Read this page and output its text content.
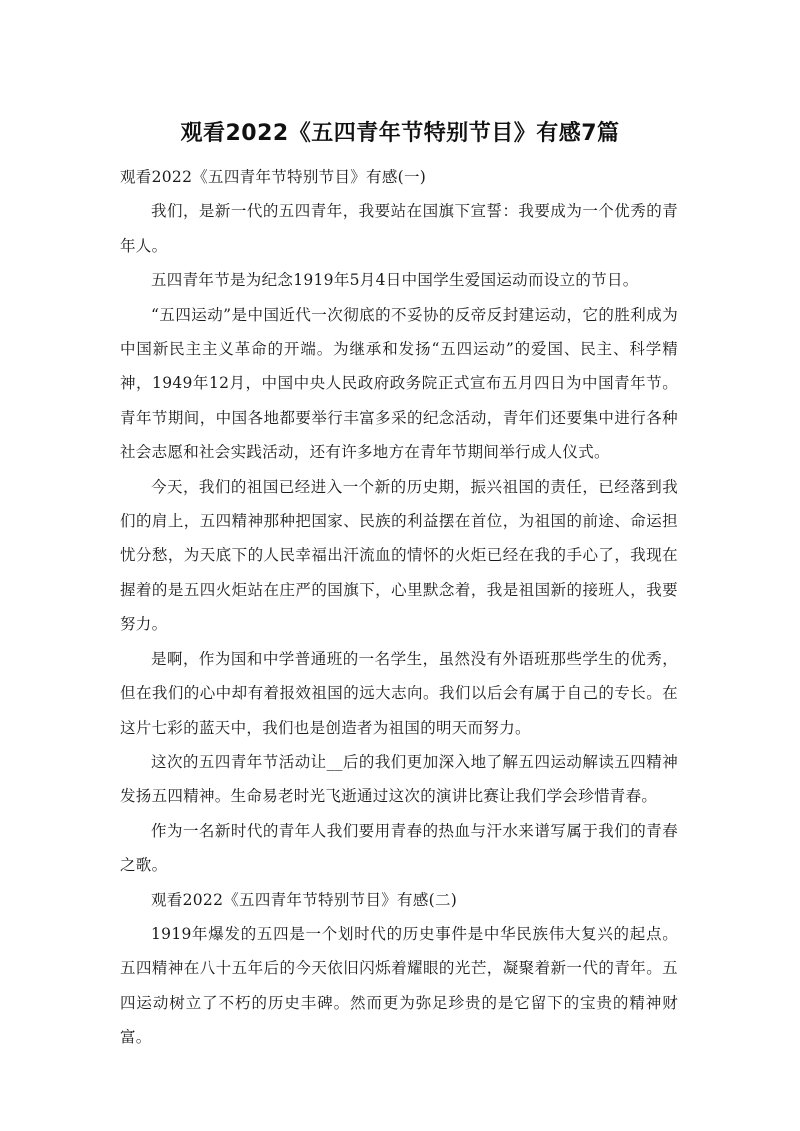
观看2022《五四青年节特别节目》有感7篇

观看2022《五四青年节特别节目》有感(一)

我们，是新一代的五四青年，我要站在国旗下宣誓：我要成为一个优秀的青年人。

五四青年节是为纪念1919年5月4日中国学生爱国运动而设立的节日。

“五四运动”是中国近代一次彻底的不妥协的反帝反封建运动，它的胜利成为中国新民主主义革命的开端。为继承和发扬“五四运动”的爱国、民主、科学精神，1949年12月，中国中央人民政府政务院正式宣布五月四日为中国青年节。青年节期间，中国各地都要举行丰富多采的纪念活动，青年们还要集中进行各种社会志愿和社会实践活动，还有许多地方在青年节期间举行成人仪式。

今天，我们的祖国已经进入一个新的历史期，振兴祖国的责任，已经落到我们的肩上，五四精神那种把国家、民族的利益摆在首位，为祖国的前途、命运担忧分愁，为天底下的人民幸福出汗流血的情怀的火炬已经在我的手心了，我现在握着的是五四火炬站在庄严的国旗下，心里默念着，我是祖国新的接班人，我要努力。

是啊，作为国和中学普通班的一名学生，虽然没有外语班那些学生的优秀，但在我们的心中却有着报效祖国的远大志向。我们以后会有属于自己的专长。在这片七彩的蓝天中，我们也是创造者为祖国的明天而努力。

这次的五四青年节活动让__后的我们更加深入地了解五四运动解读五四精神发扬五四精神。生命易老时光飞逝通过这次的演讲比赛让我们学会珍惜青春。

作为一名新时代的青年人我们要用青春的热血与汗水来谱写属于我们的青春之歌。

观看2022《五四青年节特别节目》有感(二)

1919年爆发的五四是一个划时代的历史事件是中华民族伟大复兴的起点。五四精神在八十五年后的今天依旧闪烁着耀眼的光芒，凝聚着新一代的青年。五四运动树立了不朽的历史丰碑。然而更为弥足珍贵的是它留下的宝贵的精神财富。
